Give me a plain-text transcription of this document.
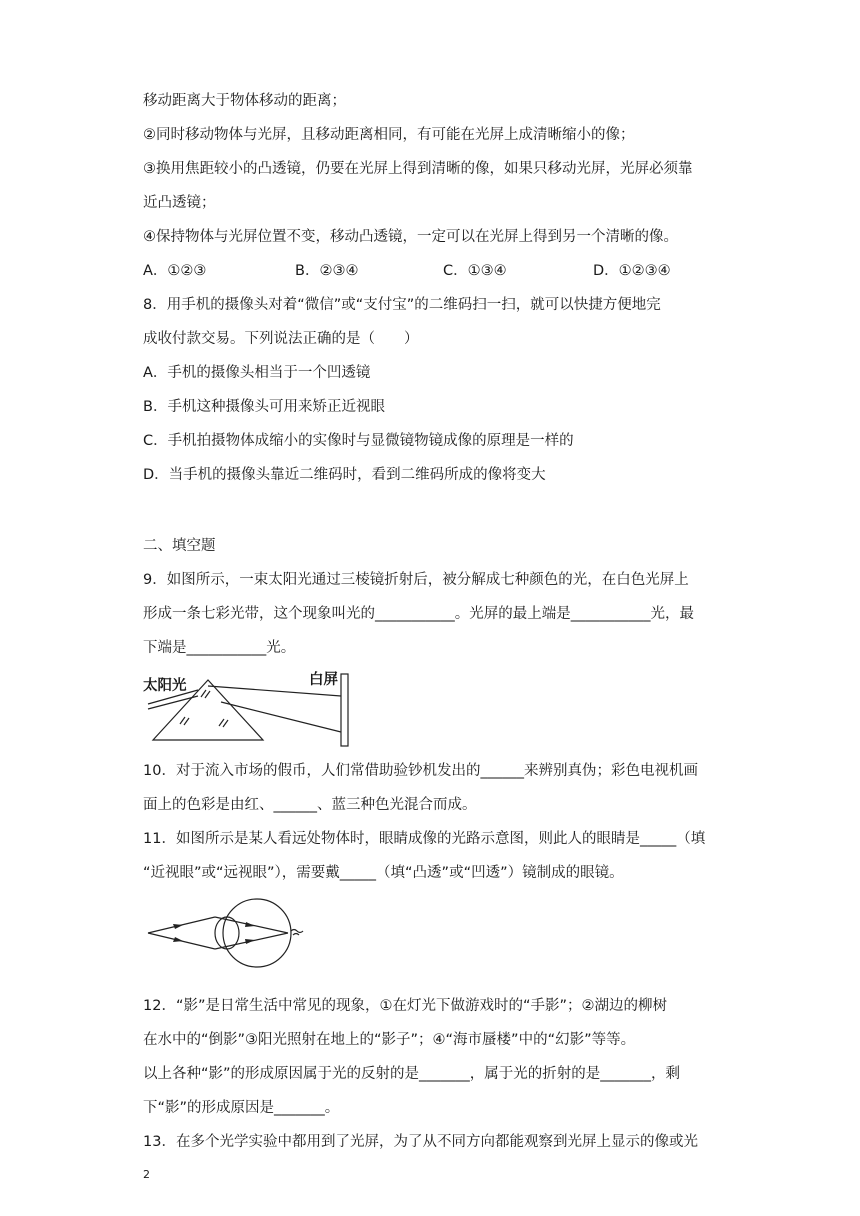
移动距离大于物体移动的距离；
②同时移动物体与光屏，且移动距离相同，有可能在光屏上成清晰缩小的像；
③换用焦距较小的凸透镜，仍要在光屏上得到清晰的像，如果只移动光屏，光屏必须靠
近凸透镜；
④保持物体与光屏位置不变，移动凸透镜，一定可以在光屏上得到另一个清晰的像。
A．①②③	B．②③④	C．①③④	D．①②③④
8．用手机的摄像头对着“微信”或“支付宝”的二维码扫一扫，就可以快捷方便地完
成收付款交易。下列说法正确的是（　　）
A．手机的摄像头相当于一个凹透镜
B．手机这种摄像头可用来矫正近视眼
C．手机拍摄物体成缩小的实像时与显微镜物镜成像的原理是一样的
D．当手机的摄像头靠近二维码时，看到二维码所成的像将变大
二、填空题
9．如图所示，一束太阳光通过三棱镜折射后，被分解成七种颜色的光，在白色光屏上
形成一条七彩光带，这个现象叫光的___________。光屏的最上端是___________光，最
下端是___________光。
太阳光	白屏
10．对于流入市场的假币，人们常借助验钞机发出的______来辨别真伪；彩色电视机画
面上的色彩是由红、______、蓝三种色光混合而成。
11．如图所示是某人看远处物体时，眼睛成像的光路示意图，则此人的眼睛是_____（填
“近视眼”或“远视眼”），需要戴_____（填“凸透”或“凹透”）镜制成的眼镜。
12．“影”是日常生活中常见的现象，①在灯光下做游戏时的“手影”；②湖边的柳树
在水中的“倒影”③阳光照射在地上的“影子”；④“海市蜃楼”中的“幻影”等等。
以上各种“影”的形成原因属于光的反射的是_______，属于光的折射的是_______，剩
下“影”的形成原因是_______。
13．在多个光学实验中都用到了光屏，为了从不同方向都能观察到光屏上显示的像或光
2
